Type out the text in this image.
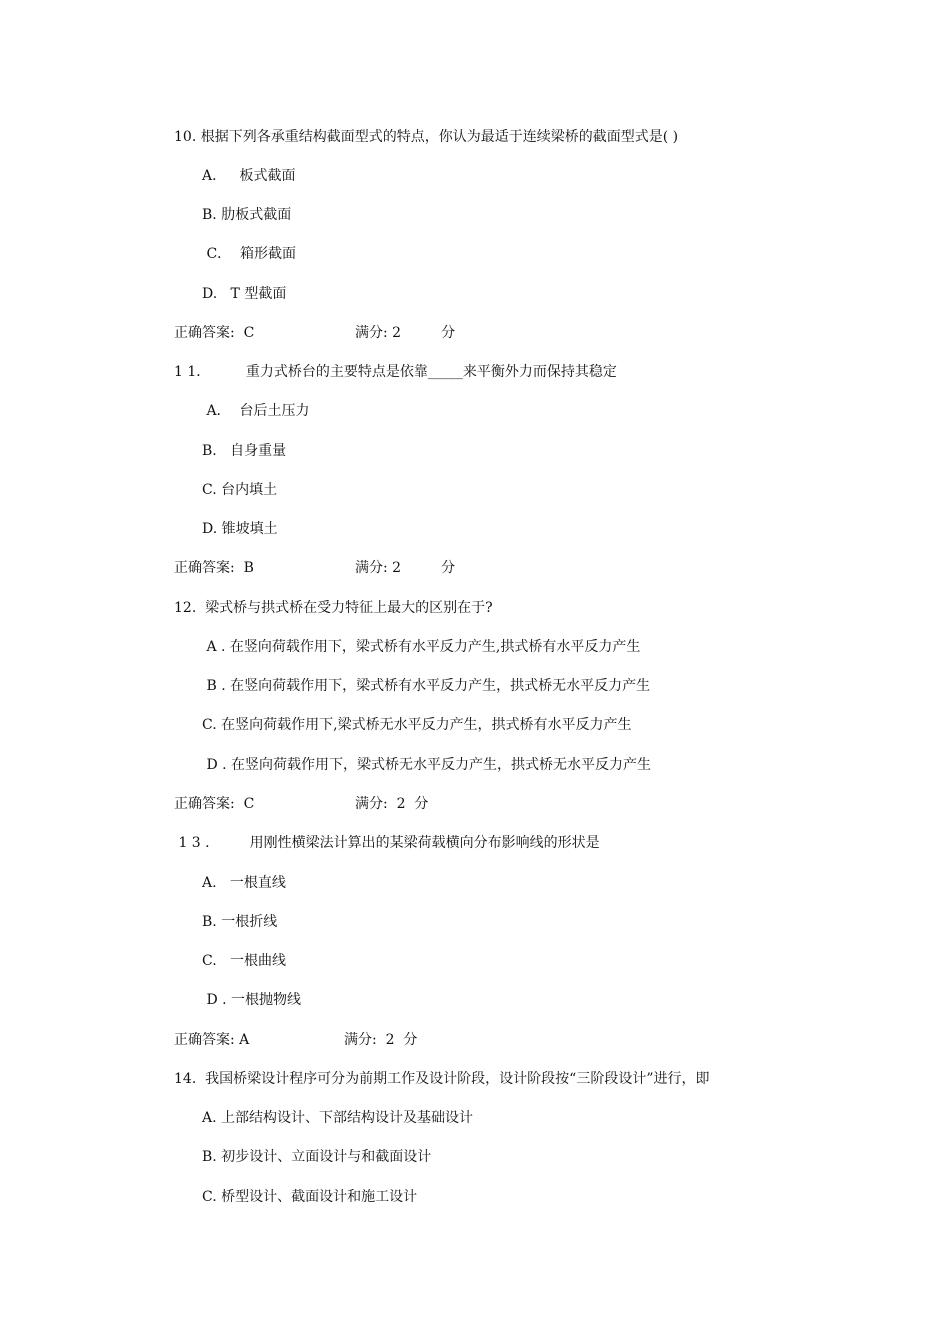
10. 根据下列各承重结构截面型式的特点，你认为最适于连续梁桥的截面型式是( )
A．   板式截面
B. 肋板式截面
C．  箱形截面
D.   T 型截面

正确答案:  C

	满分: 2         分

1 1．        重力式桥台的主要特点是依靠_____来平衡外力而保持其稳定
A．  台后土压力
B.   自身重量
C. 台内填土
D. 锥坡填土

正确答案:  B

	满分: 2         分

12.  梁式桥与拱式桥在受力特征上最大的区别在于?
A . 在竖向荷载作用下，梁式桥有水平反力产生,拱式桥有水平反力产生
B . 在竖向荷载作用下，梁式桥有水平反力产生，拱式桥无水平反力产生
C. 在竖向荷载作用下,梁式桥无水平反力产生，拱式桥有水平反力产生
D . 在竖向荷载作用下，梁式桥无水平反力产生，拱式桥无水平反力产生

正确答案:  C

	满分:  2  分

1 3 .         用刚性横梁法计算出的某梁荷载横向分布影响线的形状是
A.   一根直线
B. 一根折线
C.   一根曲线
D . 一根抛物线

正确答案: A

	满分:  2  分

14.  我国桥梁设计程序可分为前期工作及设计阶段，设计阶段按“三阶段设计”进行，即
A. 上部结构设计、下部结构设计及基础设计
B. 初步设计、立面设计与和截面设计
C. 桥型设计、截面设计和施工设计
